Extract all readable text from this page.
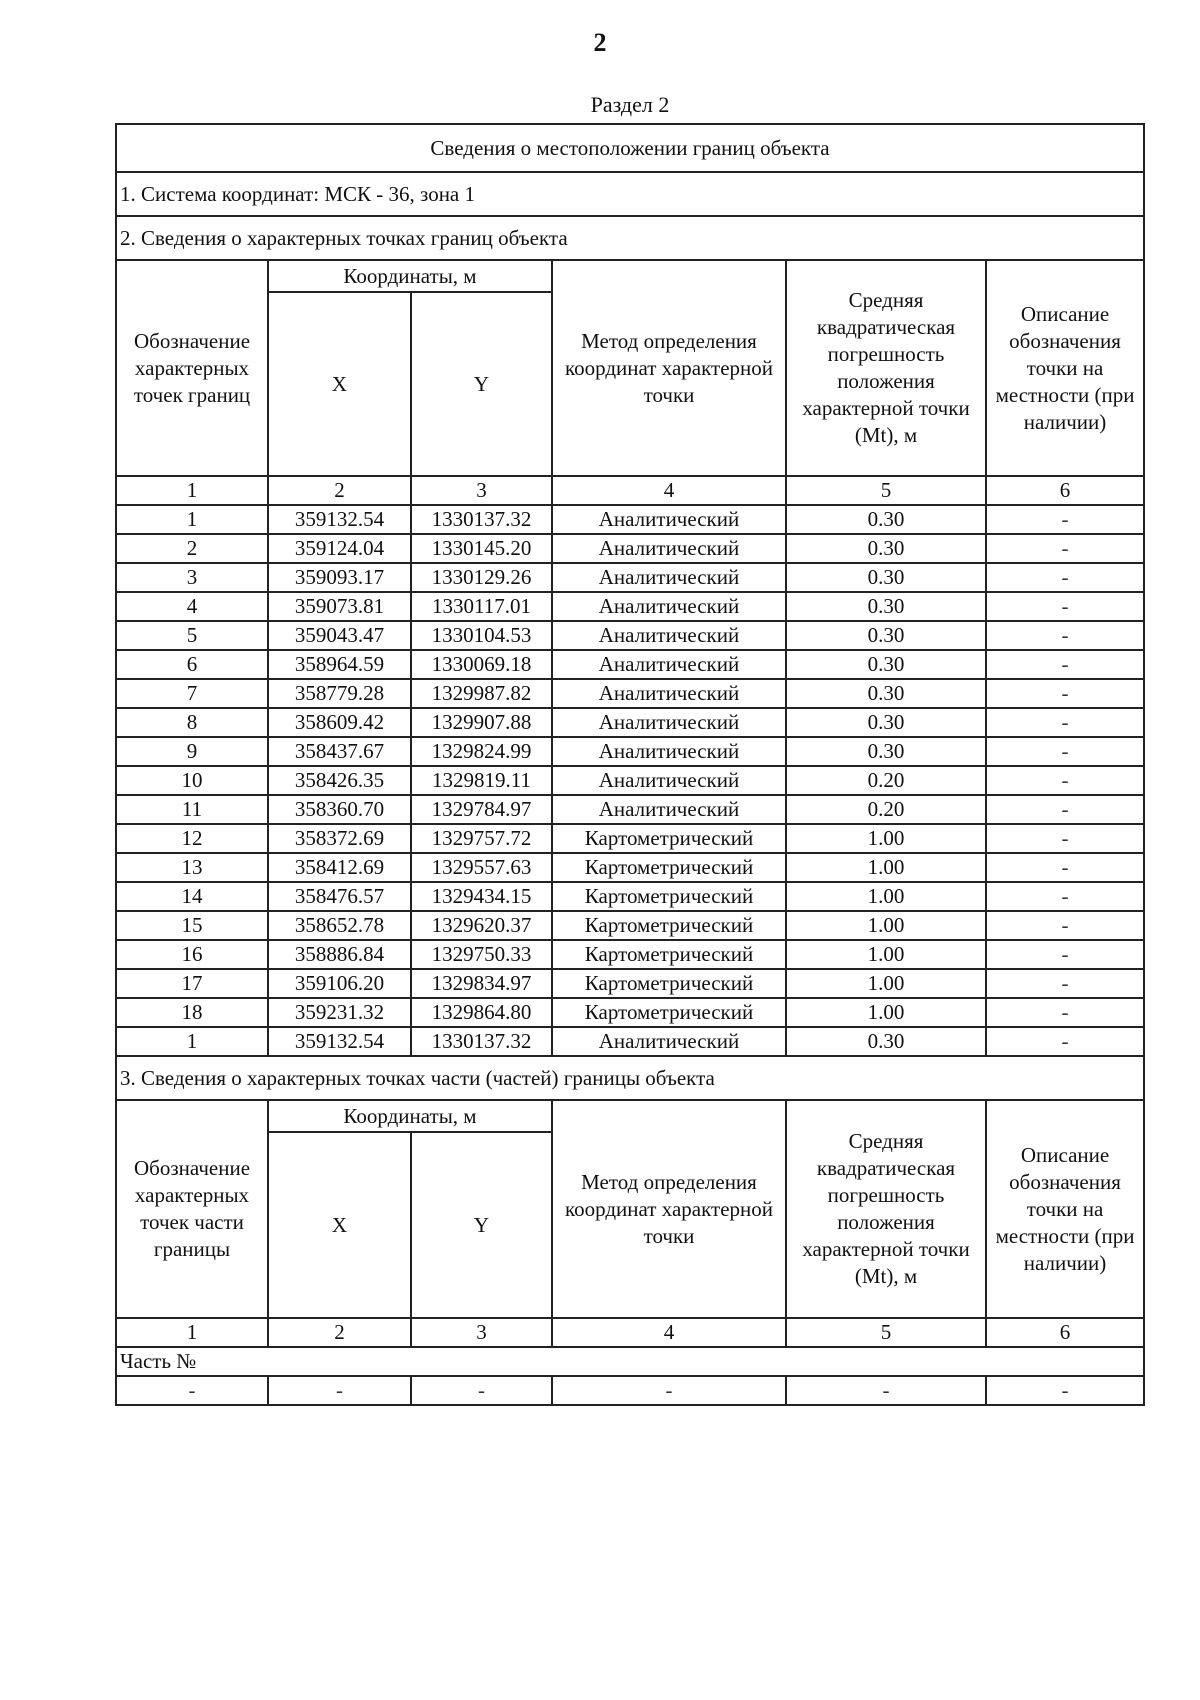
2
Раздел 2
Сведения о местоположении границ объекта					
1. Система координат: МСК - 36, зона 1					
2. Сведения о характерных точках границ объекта					
Обозначение характерных точек границ	Координаты, м		Метод определения координат характерной точки	Средняя квадратическая погрешность положения характерной точки (Mt), м	Описание обозначения точки на местности (при наличии)
	X	Y			
1	2	3	4	5	6
1	359132.54	1330137.32	Аналитический	0.30	-
2	359124.04	1330145.20	Аналитический	0.30	-
3	359093.17	1330129.26	Аналитический	0.30	-
4	359073.81	1330117.01	Аналитический	0.30	-
5	359043.47	1330104.53	Аналитический	0.30	-
6	358964.59	1330069.18	Аналитический	0.30	-
7	358779.28	1329987.82	Аналитический	0.30	-
8	358609.42	1329907.88	Аналитический	0.30	-
9	358437.67	1329824.99	Аналитический	0.30	-
10	358426.35	1329819.11	Аналитический	0.20	-
11	358360.70	1329784.97	Аналитический	0.20	-
12	358372.69	1329757.72	Картометрический	1.00	-
13	358412.69	1329557.63	Картометрический	1.00	-
14	358476.57	1329434.15	Картометрический	1.00	-
15	358652.78	1329620.37	Картометрический	1.00	-
16	358886.84	1329750.33	Картометрический	1.00	-
17	359106.20	1329834.97	Картометрический	1.00	-
18	359231.32	1329864.80	Картометрический	1.00	-
1	359132.54	1330137.32	Аналитический	0.30	-
3. Сведения о характерных точках части (частей) границы объекта					
Обозначение характерных точек части границы	Координаты, м		Метод определения координат характерной точки	Средняя квадратическая погрешность положения характерной точки (Mt), м	Описание обозначения точки на местности (при наличии)
	X	Y			
1	2	3	4	5	6
Часть №					
-	-	-	-	-	-
